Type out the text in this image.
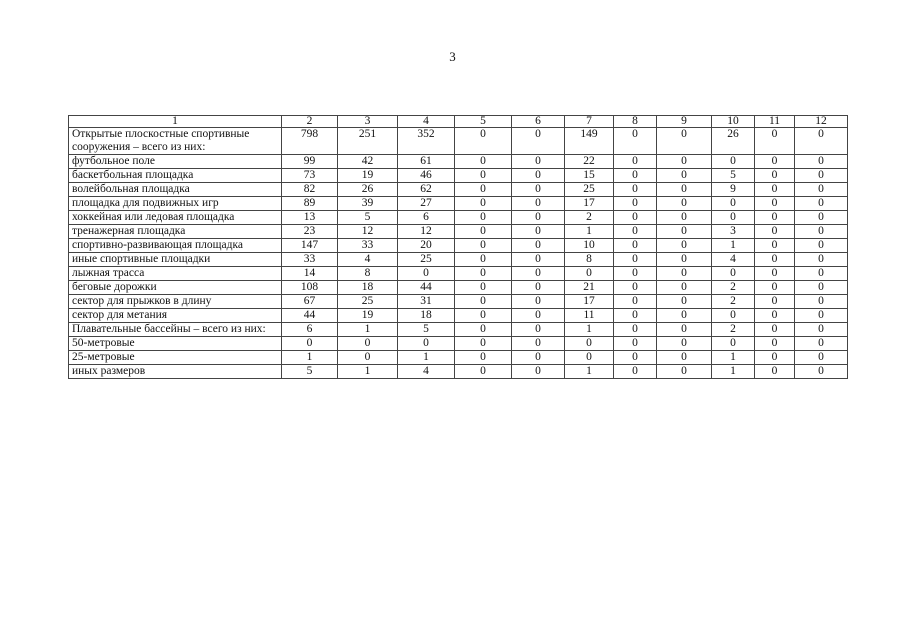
3
1	2	3	4	5	6	7	8	9	10	11	12
Открытые плоскостные спортивные сооружения – всего из них:	798	251	352	0	0	149	0	0	26	0	0
футбольное поле	99	42	61	0	0	22	0	0	0	0	0
баскетбольная площадка	73	19	46	0	0	15	0	0	5	0	0
волейбольная площадка	82	26	62	0	0	25	0	0	9	0	0
площадка для подвижных игр	89	39	27	0	0	17	0	0	0	0	0
хоккейная или ледовая площадка	13	5	6	0	0	2	0	0	0	0	0
тренажерная площадка	23	12	12	0	0	1	0	0	3	0	0
спортивно-развивающая площадка	147	33	20	0	0	10	0	0	1	0	0
иные спортивные площадки	33	4	25	0	0	8	0	0	4	0	0
лыжная трасса	14	8	0	0	0	0	0	0	0	0	0
беговые дорожки	108	18	44	0	0	21	0	0	2	0	0
сектор для прыжков в длину	67	25	31	0	0	17	0	0	2	0	0
сектор для метания	44	19	18	0	0	11	0	0	0	0	0
Плавательные бассейны – всего из них:	6	1	5	0	0	1	0	0	2	0	0
50-метровые	0	0	0	0	0	0	0	0	0	0	0
25-метровые	1	0	1	0	0	0	0	0	1	0	0
иных размеров	5	1	4	0	0	1	0	0	1	0	0
